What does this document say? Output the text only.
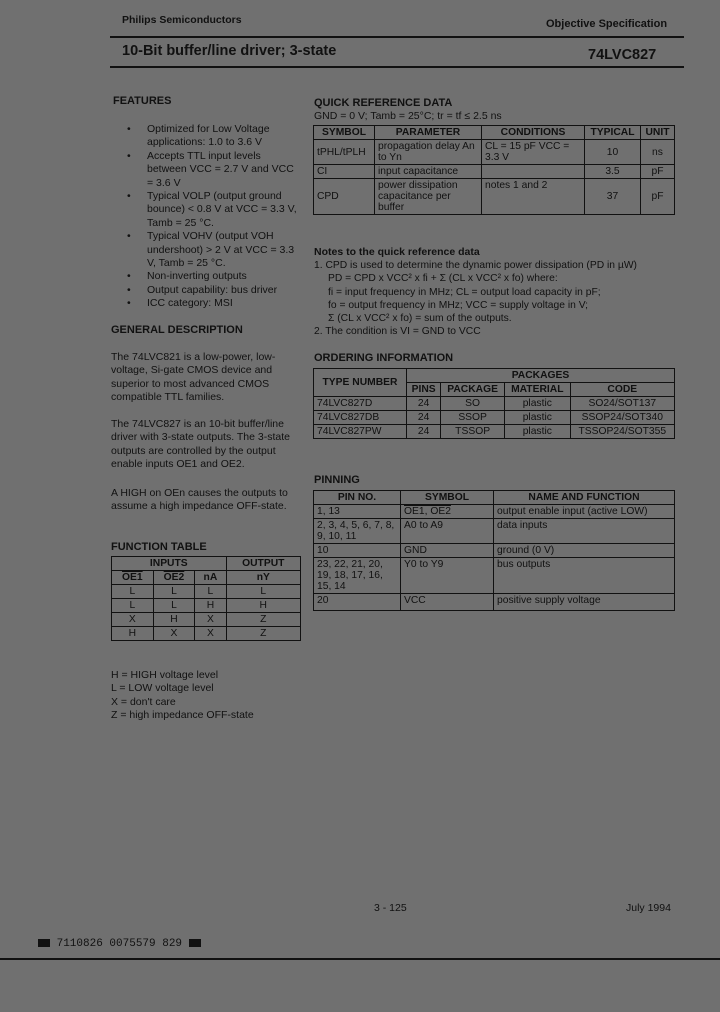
Philips Semiconductors	Objective Specification
10-Bit buffer/line driver; 3-state	74LVC827
FEATURES
• Optimized for Low Voltage applications: 1.0 to 3.6 V
• Accepts TTL input levels between VCC = 2.7 V and VCC = 3.6 V
• Typical VOLP (output ground bounce) < 0.8 V at VCC = 3.3 V, Tamb = 25 °C.
• Typical VOHV (output VOH undershoot) > 2 V at VCC = 3.3 V, Tamb = 25 °C.
• Non-inverting outputs
• Output capability: bus driver
• ICC category: MSI
GENERAL DESCRIPTION
The 74LVC821 is a low-power, low-voltage, Si-gate CMOS device and superior to most advanced CMOS compatible TTL families.
The 74LVC827 is an 10-bit buffer/line driver with 3-state outputs. The 3-state outputs are controlled by the output enable inputs OE1 and OE2.
A HIGH on OEn causes the outputs to assume a high impedance OFF-state.
FUNCTION TABLE
INPUTS			OUTPUT
OE1	OE2	nA	nY
L	L	L	L
L	L	H	H
X	H	X	Z
H	X	X	Z
H = HIGH voltage level
L = LOW voltage level
X = don't care
Z = high impedance OFF-state
QUICK REFERENCE DATA
GND = 0 V; Tamb = 25°C; tr = tf ≤ 2.5 ns
SYMBOL	PARAMETER	CONDITIONS	TYPICAL	UNIT
tPHL/tPLH	propagation delay An to Yn	CL = 15 pF VCC = 3.3 V	10	ns
CI	input capacitance		3.5	pF
CPD	power dissipation capacitance per buffer	notes 1 and 2	37	pF
Notes to the quick reference data
1. CPD is used to determine the dynamic power dissipation (PD in µW)
PD = CPD x VCC² x fi + Σ (CL x VCC² x fo) where:
fi = input frequency in MHz; CL = output load capacity in pF;
fo = output frequency in MHz; VCC = supply voltage in V;
Σ (CL x VCC² x fo) = sum of the outputs.
2. The condition is VI = GND to VCC
ORDERING INFORMATION
TYPE NUMBER	PACKAGES			
	PINS	PACKAGE	MATERIAL	CODE
74LVC827D	24	SO	plastic	SO24/SOT137
74LVC827DB	24	SSOP	plastic	SSOP24/SOT340
74LVC827PW	24	TSSOP	plastic	TSSOP24/SOT355
PINNING
PIN NO.	SYMBOL	NAME AND FUNCTION
1, 13	OE1, OE2	output enable input (active LOW)
2, 3, 4, 5, 6, 7, 8, 9, 10, 11	A0 to A9	data inputs
10	GND	ground (0 V)
23, 22, 21, 20, 19, 18, 17, 16, 15, 14	Y0 to Y9	bus outputs
20	VCC	positive supply voltage
3 - 125	July 1994
7110826 0075579 829
